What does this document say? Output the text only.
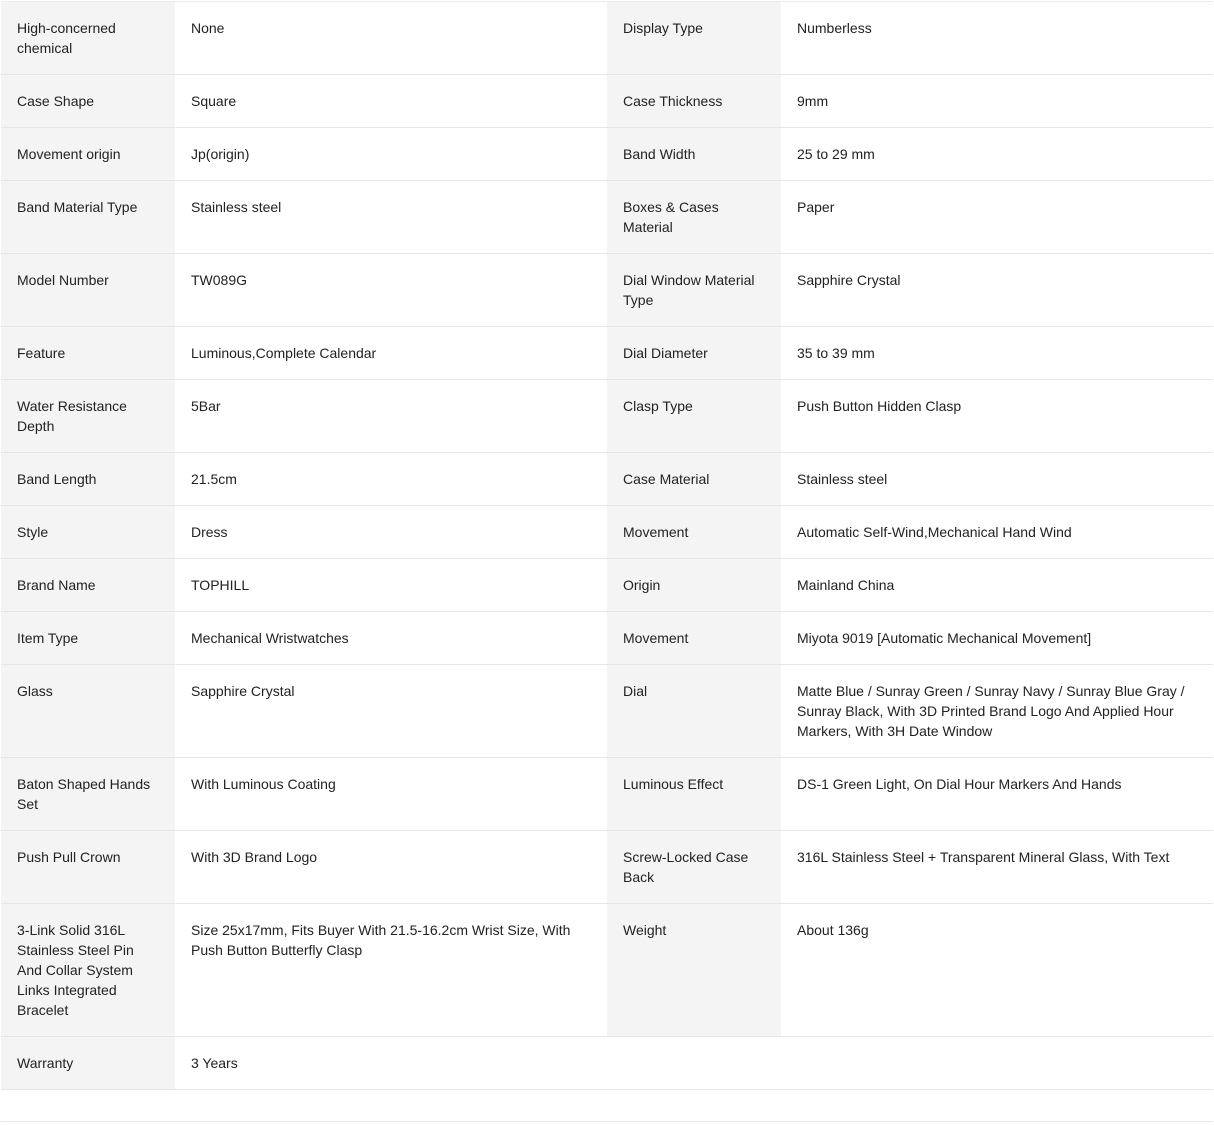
High-concerned chemical	None	Display Type	Numberless
Case Shape	Square	Case Thickness	9mm
Movement origin	Jp(origin)	Band Width	25 to 29 mm
Band Material Type	Stainless steel	Boxes & Cases Material	Paper
Model Number	TW089G	Dial Window Material Type	Sapphire Crystal
Feature	Luminous,Complete Calendar	Dial Diameter	35 to 39 mm
Water Resistance Depth	5Bar	Clasp Type	Push Button Hidden Clasp
Band Length	21.5cm	Case Material	Stainless steel
Style	Dress	Movement	Automatic Self-Wind,Mechanical Hand Wind
Brand Name	TOPHILL	Origin	Mainland China
Item Type	Mechanical Wristwatches	Movement	Miyota 9019 [Automatic Mechanical Movement]
Glass	Sapphire Crystal	Dial	Matte Blue / Sunray Green / Sunray Navy / Sunray Blue Gray / Sunray Black, With 3D Printed Brand Logo And Applied Hour Markers, With 3H Date Window
Baton Shaped Hands Set	With Luminous Coating	Luminous Effect	DS-1 Green Light, On Dial Hour Markers And Hands
Push Pull Crown	With 3D Brand Logo	Screw-Locked Case Back	316L Stainless Steel + Transparent Mineral Glass, With Text
3-Link Solid 316L Stainless Steel Pin And Collar System Links Integrated Bracelet	Size 25x17mm, Fits Buyer With 21.5-16.2cm Wrist Size, With Push Button Butterfly Clasp	Weight	About 136g
Warranty	3 Years		
